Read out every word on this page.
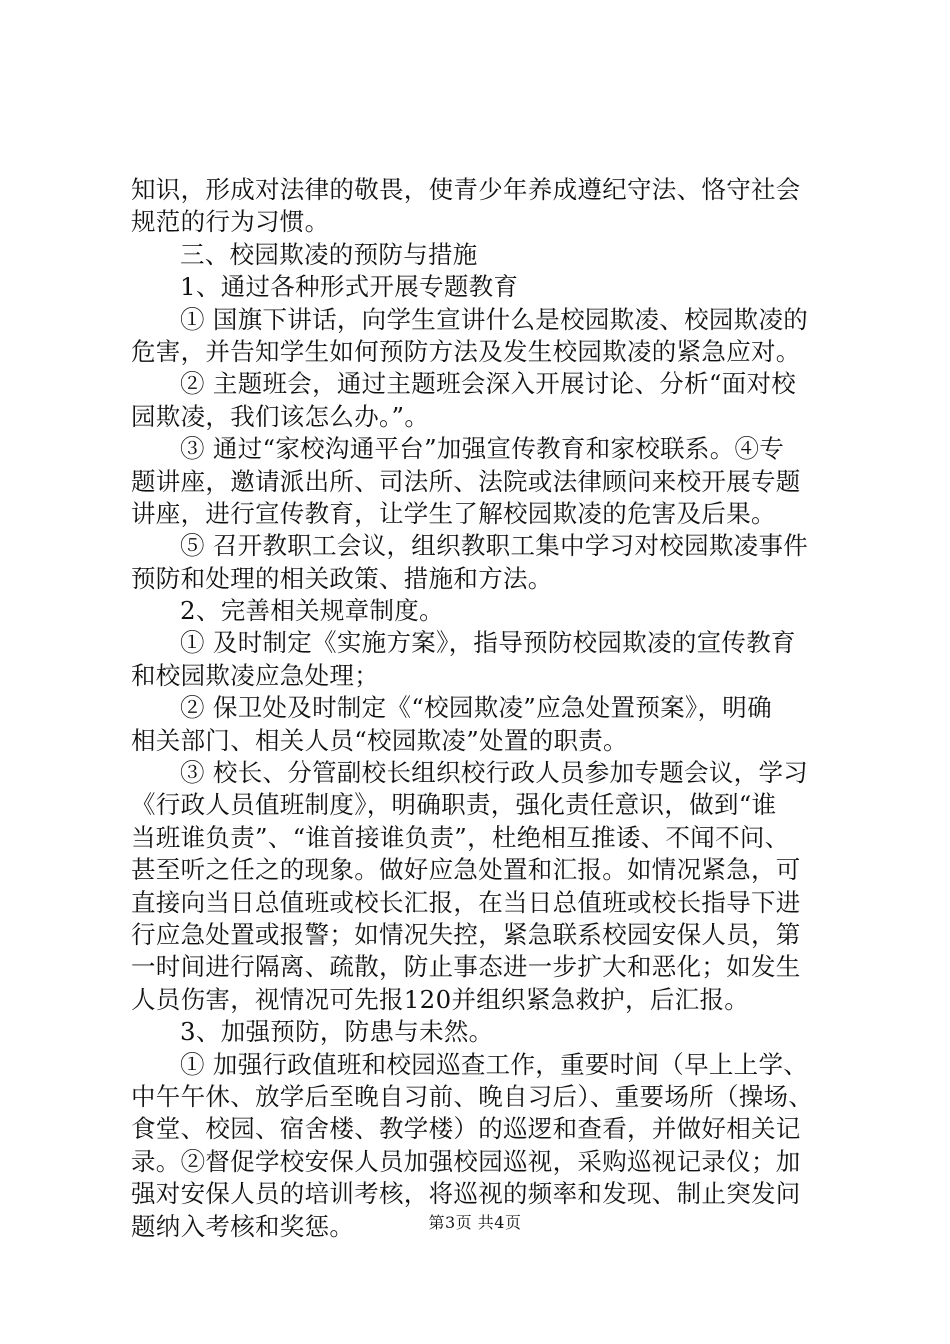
知识，形成对法律的敬畏，使青少年养成遵纪守法、恪守社会
规范的行为习惯。
三、校园欺凌的预防与措施
1、通过各种形式开展专题教育
① 国旗下讲话，向学生宣讲什么是校园欺凌、校园欺凌的
危害，并告知学生如何预防方法及发生校园欺凌的紧急应对。
② 主题班会，通过主题班会深入开展讨论、分析“面对校
园欺凌，我们该怎么办。”。
③ 通过“家校沟通平台”加强宣传教育和家校联系。④专
题讲座，邀请派出所、司法所、法院或法律顾问来校开展专题
讲座，进行宣传教育，让学生了解校园欺凌的危害及后果。
⑤ 召开教职工会议，组织教职工集中学习对校园欺凌事件
预防和处理的相关政策、措施和方法。
2、完善相关规章制度。
① 及时制定《实施方案》，指导预防校园欺凌的宣传教育
和校园欺凌应急处理；
② 保卫处及时制定《“校园欺凌”应急处置预案》，明确
相关部门、相关人员“校园欺凌”处置的职责。
③ 校长、分管副校长组织校行政人员参加专题会议，学习
《行政人员值班制度》，明确职责，强化责任意识，做到“谁
当班谁负责”、“谁首接谁负责”，杜绝相互推诿、不闻不问、
甚至听之任之的现象。做好应急处置和汇报。如情况紧急，可
直接向当日总值班或校长汇报，在当日总值班或校长指导下进
行应急处置或报警；如情况失控，紧急联系校园安保人员，第
一时间进行隔离、疏散，防止事态进一步扩大和恶化；如发生
人员伤害，视情况可先报120并组织紧急救护，后汇报。
3、加强预防，防患与未然。
① 加强行政值班和校园巡查工作，重要时间（早上上学、
中午午休、放学后至晚自习前、晚自习后）、重要场所（操场、
食堂、校园、宿舍楼、教学楼）的巡逻和查看，并做好相关记
录。②督促学校安保人员加强校园巡视，采购巡视记录仪；加
强对安保人员的培训考核，将巡视的频率和发现、制止突发问
题纳入考核和奖惩。	第3页 共4页
